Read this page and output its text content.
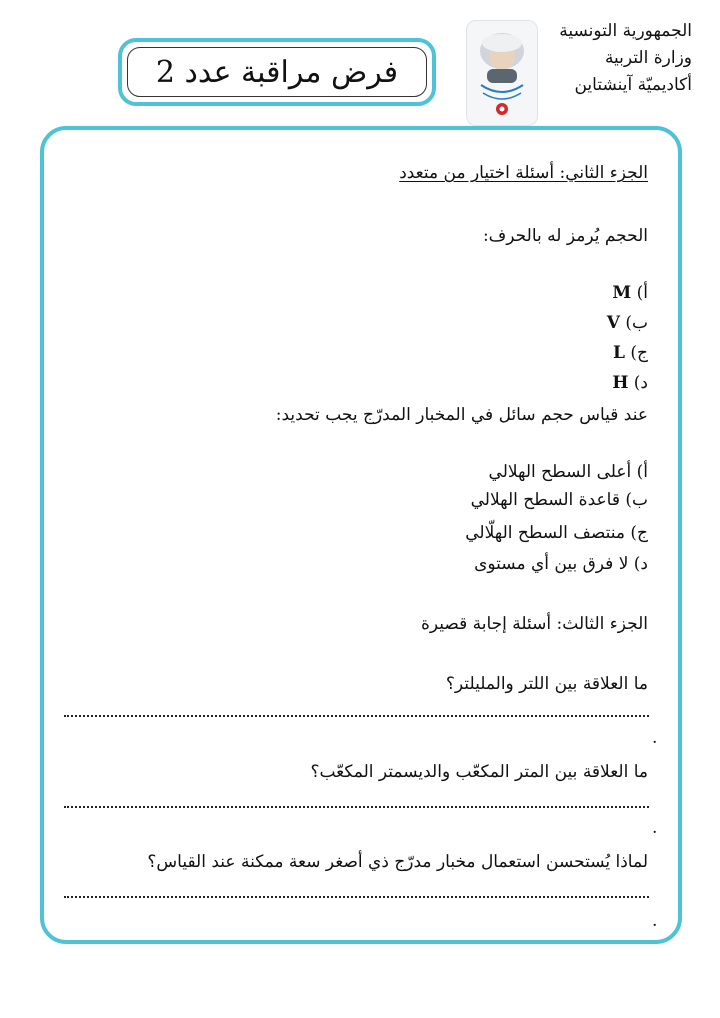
الجمهورية التونسية
وزارة التربية
أكاديميّة آينشتاين
فرض مراقبة عدد 2
الجزء الثاني: أسئلة اختيار من متعدد
الحجم يُرمز له بالحرف:
أ) M
ب) V
ج) L
د) H
عند قياس حجم سائل في المخبار المدرّج يجب تحديد:
أ) أعلى السطح الهلالي
ب) قاعدة السطح الهلالي
ج) منتصف السطح الهلّالي
د) لا فرق بين أي مستوى
الجزء الثالث: أسئلة إجابة قصيرة
ما العلاقة بين اللتر والمليلتر؟
.
ما العلاقة بين المتر المكعّب والديسمتر المكعّب؟
.
لماذا يُستحسن استعمال مخبار مدرّج ذي أصغر سعة ممكنة عند القياس؟
.
